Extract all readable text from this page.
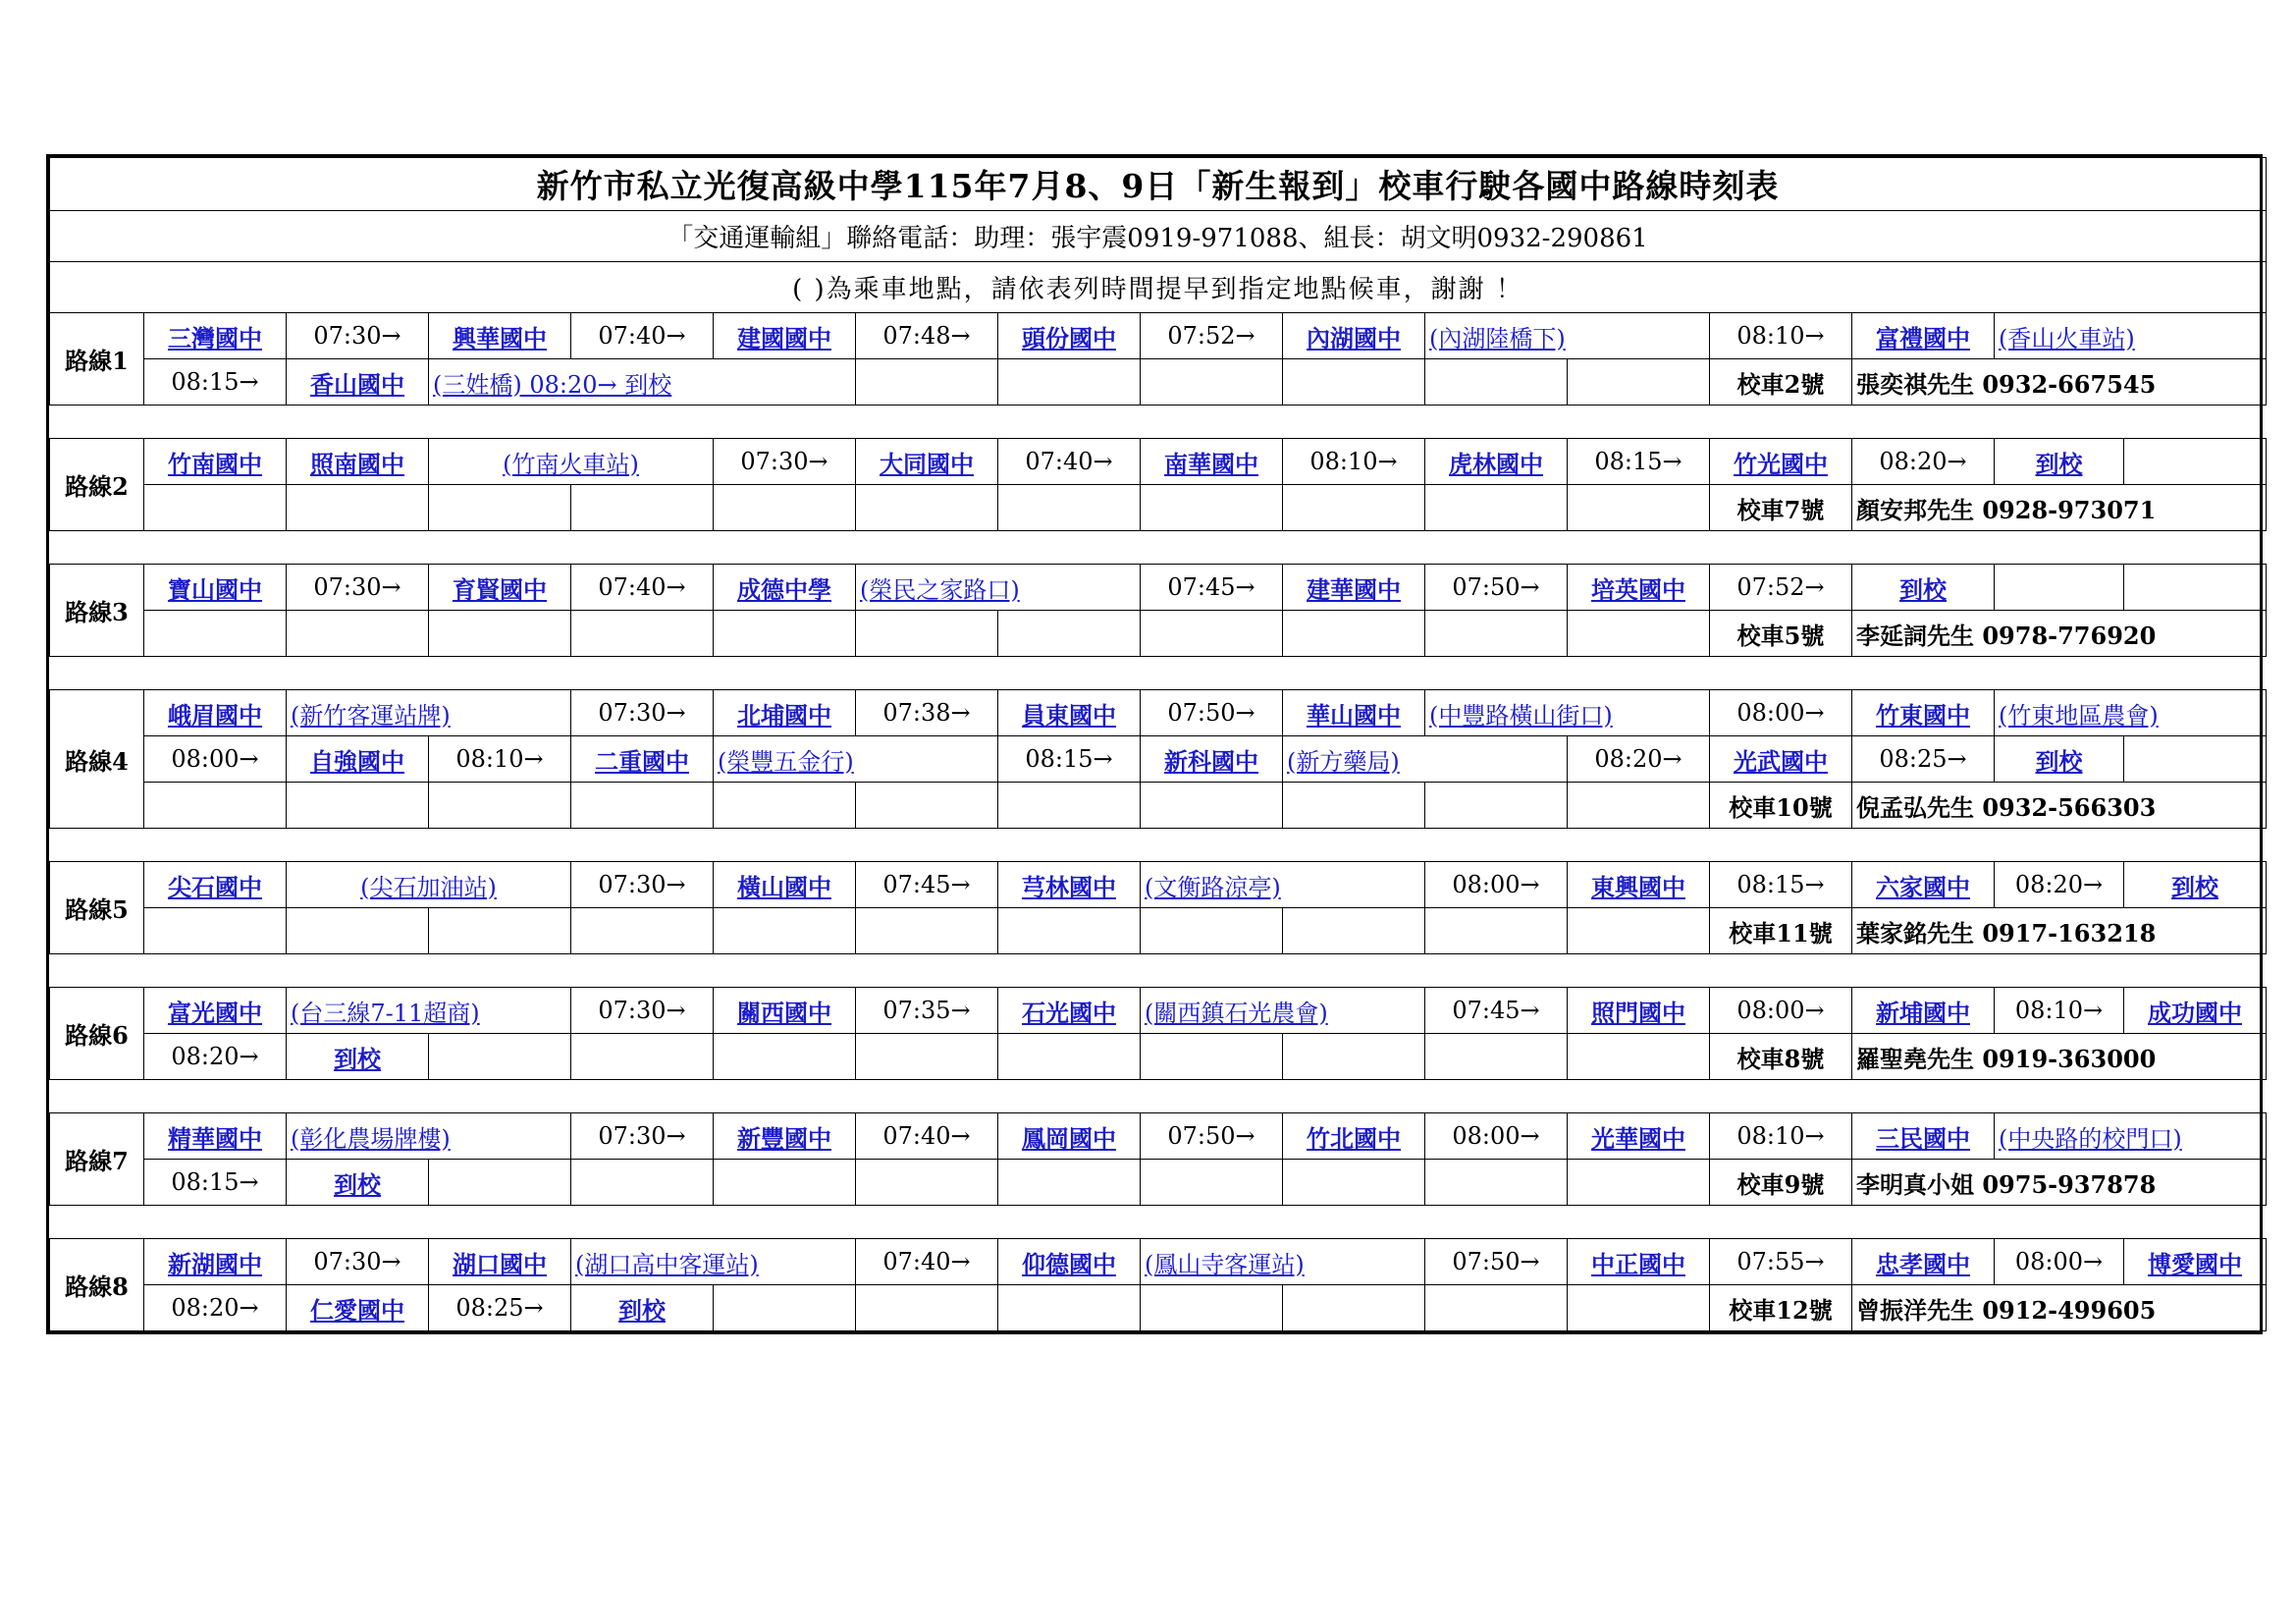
新竹市私立光復高級中學115年7月8、9日「新生報到」校車行駛各國中路線時刻表															
「交通運輸組」聯絡電話：助理：張宇震0919-971088、組長：胡文明0932-290861															
( )為乘車地點，請依表列時間提早到指定地點候車，謝謝 ！															
路線1	三灣國中	07:30→	興華國中	07:40→	建國國中	07:48→	頭份國中	07:52→	內湖國中	(內湖陸橋下)		08:10→	富禮國中	(香山火車站)	
	08:15→	香山國中	(三姓橋) 08:20→ 到校									校車2號	張奕祺先生 0932-667545		

路線2	竹南國中	照南國中	(竹南火車站)		07:30→	大同國中	07:40→	南華國中	08:10→	虎林國中	08:15→	竹光國中	08:20→	到校	
												校車7號	顏安邦先生 0928-973071		

路線3	寶山國中	07:30→	育賢國中	07:40→	成德中學	(榮民之家路口)		07:45→	建華國中	07:50→	培英國中	07:52→	到校		
												校車5號	李延詞先生 0978-776920		

路線4	峨眉國中	(新竹客運站牌)		07:30→	北埔國中	07:38→	員東國中	07:50→	華山國中	(中豐路橫山街口)		08:00→	竹東國中	(竹東地區農會)	
	08:00→	自強國中	08:10→	二重國中	(榮豐五金行)		08:15→	新科國中	(新方藥局)		08:20→	光武國中	08:25→	到校	
												校車10號	倪孟弘先生 0932-566303		

路線5	尖石國中	(尖石加油站)		07:30→	橫山國中	07:45→	芎林國中	(文衡路涼亭)		08:00→	東興國中	08:15→	六家國中	08:20→	到校
												校車11號	葉家銘先生 0917-163218		

路線6	富光國中	(台三線7-11超商)		07:30→	關西國中	07:35→	石光國中	(關西鎮石光農會)		07:45→	照門國中	08:00→	新埔國中	08:10→	成功國中
	08:20→	到校										校車8號	羅聖堯先生 0919-363000		

路線7	精華國中	(彰化農場牌樓)		07:30→	新豐國中	07:40→	鳳岡國中	07:50→	竹北國中	08:00→	光華國中	08:10→	三民國中	(中央路的校門口)	
	08:15→	到校										校車9號	李明真小姐 0975-937878		

路線8	新湖國中	07:30→	湖口國中	(湖口高中客運站)		07:40→	仰德國中	(鳳山寺客運站)		07:50→	中正國中	07:55→	忠孝國中	08:00→	博愛國中
	08:20→	仁愛國中	08:25→	到校								校車12號	曾振洋先生 0912-499605		
